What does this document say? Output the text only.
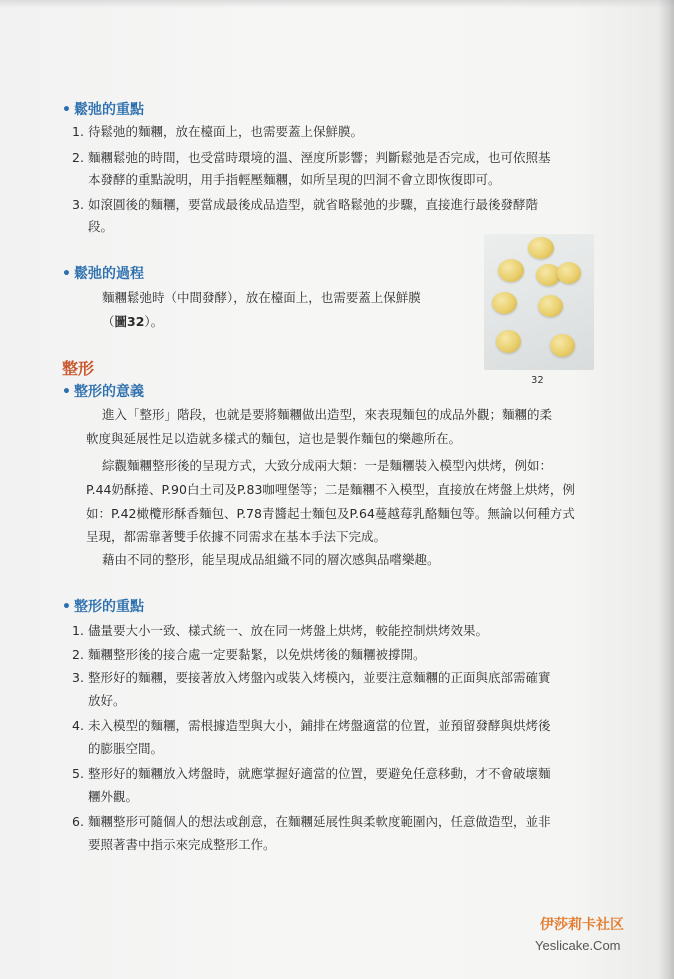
• 鬆弛的重點
1. 待鬆弛的麵糰，放在檯面上，也需要蓋上保鮮膜。
2. 麵糰鬆弛的時間，也受當時環境的溫、溼度所影響；判斷鬆弛是否完成，也可依照基
本發酵的重點說明，用手指輕壓麵糰，如所呈現的凹洞不會立即恢復即可。
3. 如滾圓後的麵糰，要當成最後成品造型，就省略鬆弛的步驟，直接進行最後發酵階
段。
• 鬆弛的過程
麵糰鬆弛時（中間發酵），放在檯面上，也需要蓋上保鮮膜
（圖32）。
32
整形
• 整形的意義
進入「整形」階段，也就是要將麵糰做出造型，來表現麵包的成品外觀；麵糰的柔
軟度與延展性足以造就多樣式的麵包，這也是製作麵包的樂趣所在。
綜觀麵糰整形後的呈現方式，大致分成兩大類：一是麵糰裝入模型內烘烤，例如：
P.44奶酥捲、P.90白土司及P.83咖哩堡等；二是麵糰不入模型，直接放在烤盤上烘烤，例
如：P.42橄欖形酥香麵包、P.78青醬起士麵包及P.64蔓越莓乳酪麵包等。無論以何種方式
呈現，都需靠著雙手依據不同需求在基本手法下完成。
藉由不同的整形，能呈現成品組織不同的層次感與品嚐樂趣。
• 整形的重點
1. 儘量要大小一致、樣式統一、放在同一烤盤上烘烤，較能控制烘烤效果。
2. 麵糰整形後的接合處一定要黏緊，以免烘烤後的麵糰被撐開。
3. 整形好的麵糰，要接著放入烤盤內或裝入烤模內，並要注意麵糰的正面與底部需確實
放好。
4. 未入模型的麵糰，需根據造型與大小，鋪排在烤盤適當的位置，並預留發酵與烘烤後
的膨脹空間。
5. 整形好的麵糰放入烤盤時，就應掌握好適當的位置，要避免任意移動，才不會破壞麵
糰外觀。
6. 麵糰整形可隨個人的想法或創意，在麵糰延展性與柔軟度範圍內，任意做造型，並非
要照著書中指示來完成整形工作。
伊莎莉卡社区
Yeslicake.Com
